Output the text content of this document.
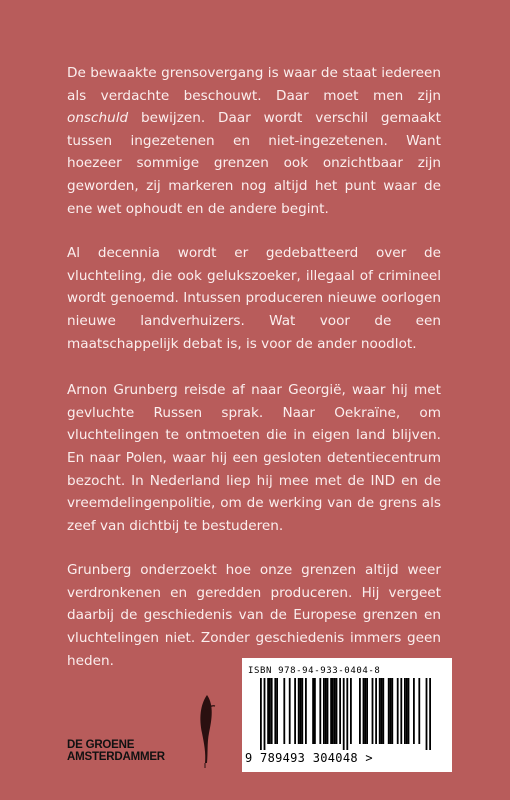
De bewaakte grensovergang is waar de staat iedereen als verdachte beschouwt. Daar moet men zijn onschuld bewijzen. Daar wordt verschil gemaakt tussen ingezetenen en niet-ingezetenen. Want hoezeer sommige grenzen ook onzichtbaar zijn geworden, zij markeren nog altijd het punt waar de ene wet ophoudt en de andere begint.

Al decennia wordt er gedebatteerd over de vluchteling, die ook gelukszoeker, illegaal of crimineel wordt genoemd. Intussen produceren nieuwe oorlogen nieuwe landverhuizers. Wat voor de een maatschappelijk debat is, is voor de ander noodlot.

Arnon Grunberg reisde af naar Georgië, waar hij met gevluchte Russen sprak. Naar Oekraïne, om vluchtelingen te ontmoeten die in eigen land blijven. En naar Polen, waar hij een gesloten detentiecentrum bezocht. In Nederland liep hij mee met de IND en de vreemdelingenpolitie, om de werking van de grens als zeef van dichtbij te bestuderen.

Grunberg onderzoekt hoe onze grenzen altijd weer verdronkenen en geredden produceren. Hij vergeet daarbij de geschiedenis van de Europese grenzen en vluchtelingen niet. Zonder geschiedenis immers geen heden.

DE GROENE
AMSTERDAMMER
ISBN 978-94-933-0404-8
9 789493 304048 >
